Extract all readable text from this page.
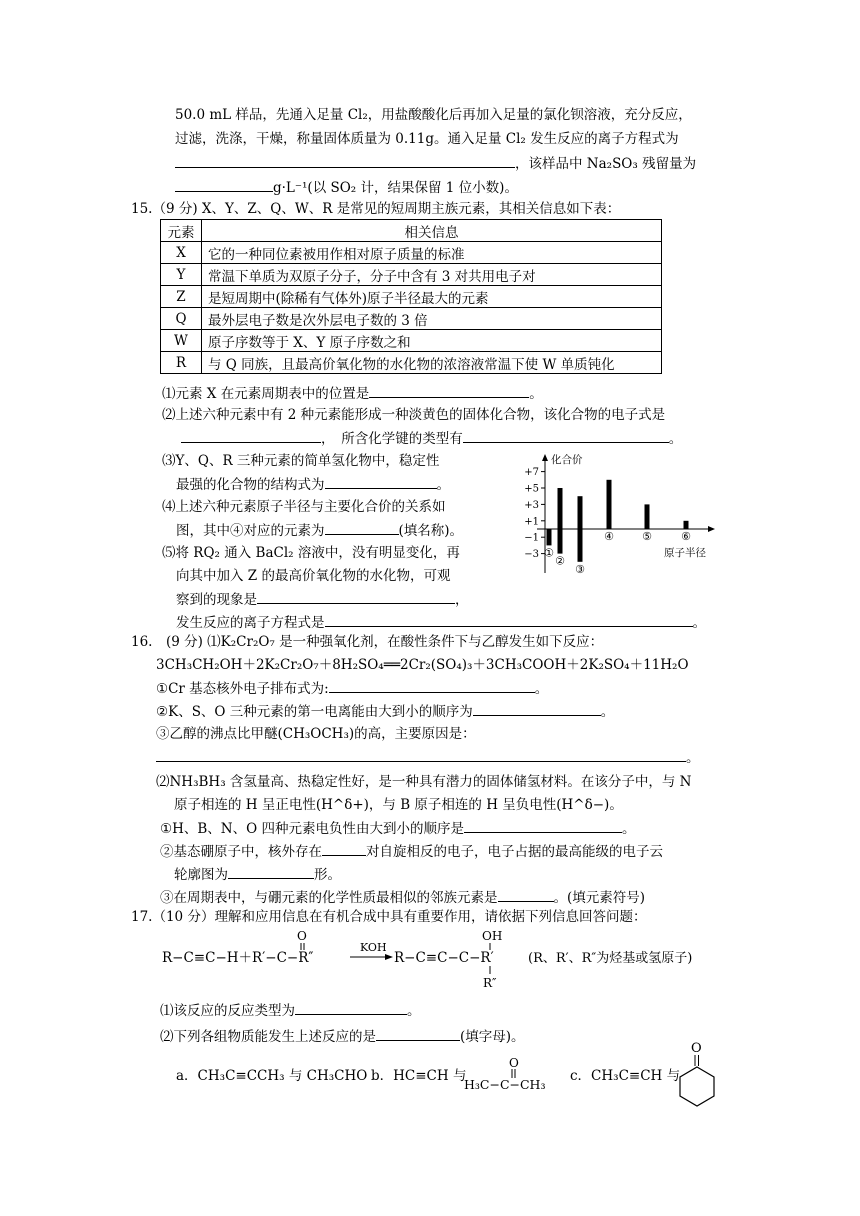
50.0 mL 样品，先通入足量 Cl₂，用盐酸酸化后再加入足量的氯化钡溶液，充分反应，
过滤，洗涤，干燥，称量固体质量为 0.11g。通入足量 Cl₂ 发生反应的离子方程式为
，该样品中 Na₂SO₃ 残留量为
g·L⁻¹(以 SO₂ 计，结果保留 1 位小数)。
15.（9 分) X、Y、Z、Q、W、R 是常见的短周期主族元素，其相关信息如下表：
元素	相关信息
X	它的一种同位素被用作相对原子质量的标准
Y	常温下单质为双原子分子，分子中含有 3 对共用电子对
Z	是短周期中(除稀有气体外)原子半径最大的元素
Q	最外层电子数是次外层电子数的 3 倍
W	原子序数等于 X、Y 原子序数之和
R	与 Q 同族，且最高价氧化物的水化物的浓溶液常温下使 W 单质钝化
⑴元素 X 在元素周期表中的位置是	。
⑵上述六种元素中有 2 种元素能形成一种淡黄色的固体化合物，该化合物的电子式是
，　所含化学键的类型有	。
⑶Y、Q、R 三种元素的简单氢化物中，稳定性
最强的化合物的结构式为	。
⑷上述六种元素原子半径与主要化合价的关系如
图，其中④对应的元素为	(填名称)。
⑸将 RQ₂ 通入 BaCl₂ 溶液中，没有明显变化，再
向其中加入 Z 的最高价氧化物的水化物，可观
察到的现象是	，
发生反应的离子方程式是	。
化合价
原子半径
+7
+5
+3
+1
−1
−3 ①
②
③
④	⑤	⑥
16.　(9 分) ⑴K₂Cr₂O₇ 是一种强氧化剂，在酸性条件下与乙醇发生如下反应：
3CH₃CH₂OH＋2K₂Cr₂O₇＋8H₂SO₄══2Cr₂(SO₄)₃＋3CH₃COOH＋2K₂SO₄＋11H₂O
①Cr 基态核外电子排布式为:	。
②K、S、O 三种元素的第一电离能由大到小的顺序为	。
③乙醇的沸点比甲醚(CH₃OCH₃)的高，主要原因是：
。
⑵NH₃BH₃ 含氢量高、热稳定性好，是一种具有潜力的固体储氢材料。在该分子中，与 N
原子相连的 H 呈正电性(H^δ+)，与 B 原子相连的 H 呈负电性(H^δ−)。
①H、B、N、O 四种元素电负性由大到小的顺序是	。
②基态硼原子中，核外存在	对自旋相反的电子，电子占据的最高能级的电子云
轮廓图为	形。
③在周期表中，与硼元素的化学性质最相似的邻族元素是	。(填元素符号)
17.（10 分）理解和应用信息在有机合成中具有重要作用，请依据下列信息回答问题：
R−C≡C−H＋R′−C−R″
O
KOH
R−C≡C−C−R′
OH
R″
(R、R′、R″为烃基或氢原子)
⑴该反应的反应类型为	。
⑵下列各组物质能发生上述反应的是	(填字母)。
a．CH₃C≡CCH₃ 与 CH₃CHO b．HC≡CH 与
O
H₃C−C−CH₃
c．CH₃C≡CH 与
O
